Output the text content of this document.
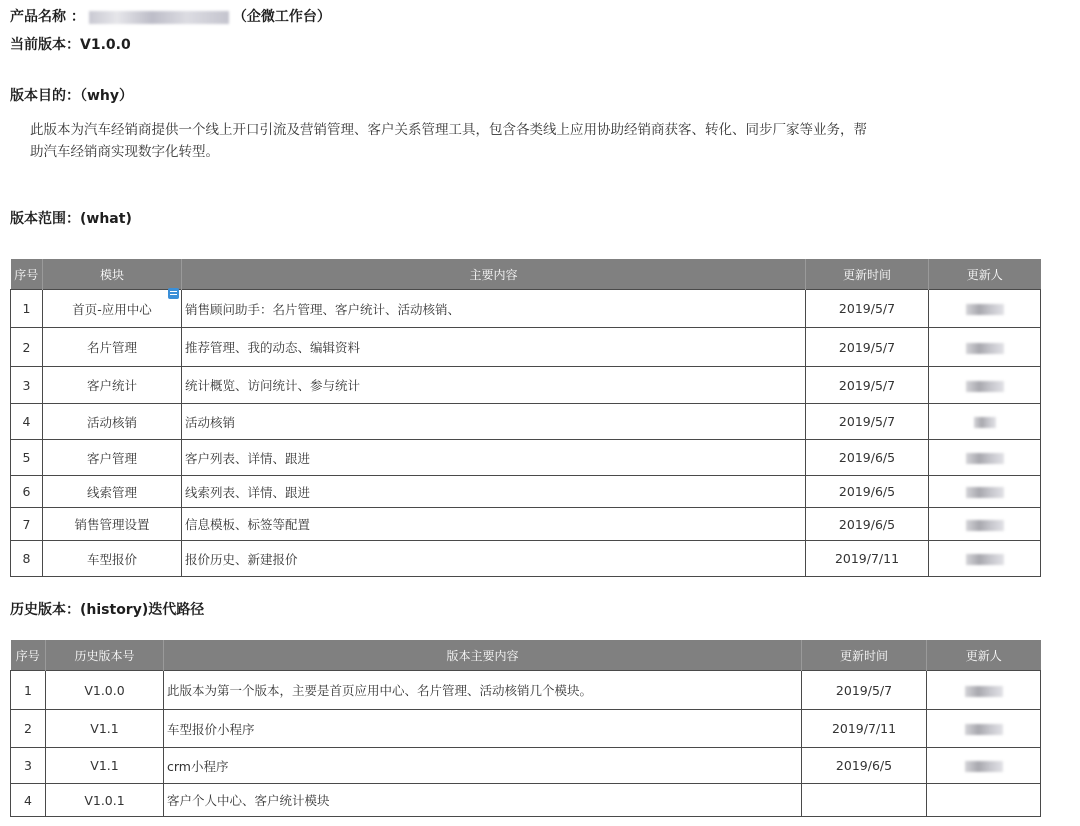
产品名称 ：	（企微工作台）
当前版本：V1.0.0
版本目的：（why）
此版本为汽车经销商提供一个线上开口引流及营销管理、客户关系管理工具，包含各类线上应用协助经销商获客、转化、同步厂家等业务，帮
助汽车经销商实现数字化转型。
版本范围：(what)
序号	模块	主要内容	更新时间	更新人
1	首页-应用中心	销售顾问助手：名片管理、客户统计、活动核销、	2019/5/7	
2	名片管理	推荐管理、我的动态、编辑资料	2019/5/7	
3	客户统计	统计概览、访问统计、参与统计	2019/5/7	
4	活动核销	活动核销	2019/5/7	
5	客户管理	客户列表、详情、跟进	2019/6/5	
6	线索管理	线索列表、详情、跟进	2019/6/5	
7	销售管理设置	信息模板、标签等配置	2019/6/5	
8	车型报价	报价历史、新建报价	2019/7/11	
历史版本：(history)迭代路径
序号	历史版本号	版本主要内容	更新时间	更新人
1	V1.0.0	此版本为第一个版本，主要是首页应用中心、名片管理、活动核销几个模块。	2019/5/7	
2	V1.1	车型报价小程序	2019/7/11	
3	V1.1	crm小程序	2019/6/5	
4	V1.0.1	客户个人中心、客户统计模块		
